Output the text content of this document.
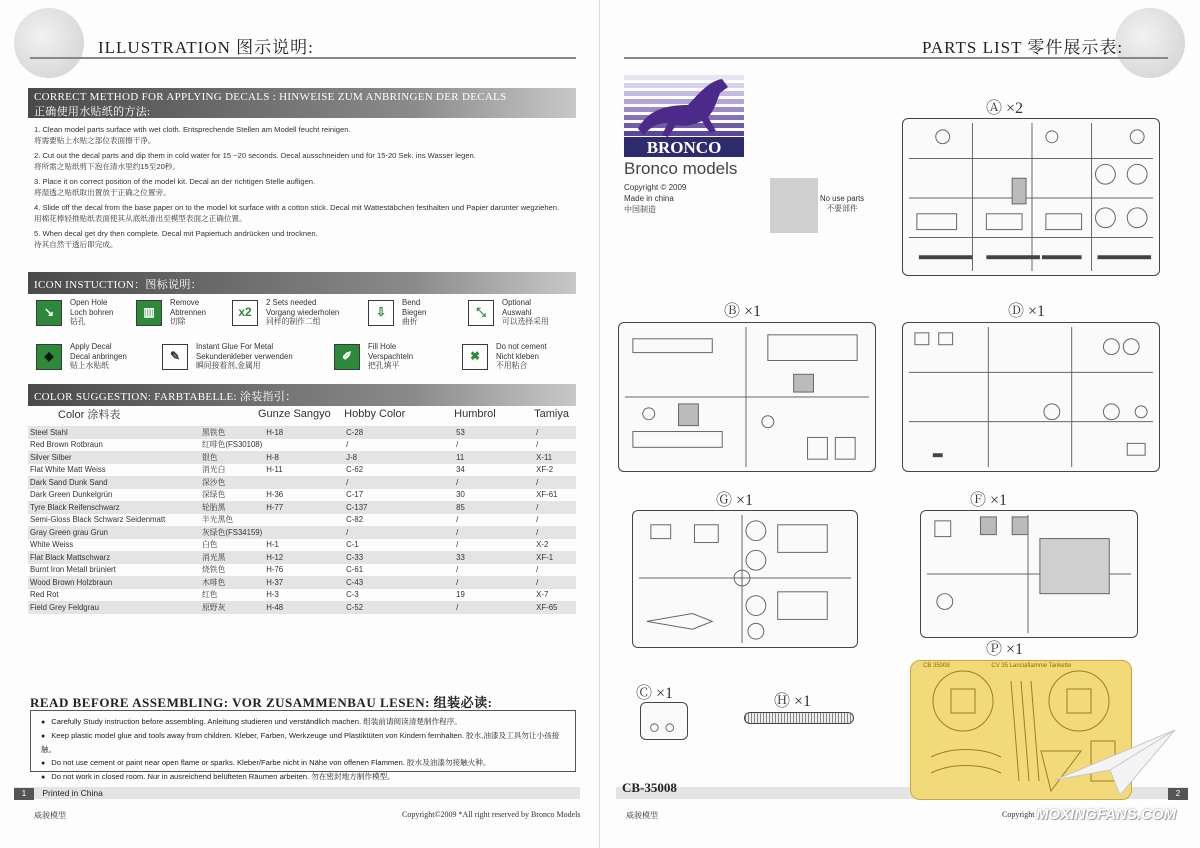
ILLUSTRATION 图示说明:
CORRECT METHOD FOR APPLYING DECALS : HINWEISE ZUM ANBRINGEN DER DECALS
正确使用水贴纸的方法:
1. Clean model parts surface with wet cloth. Entsprechende Stellen am Modell feucht reinigen.
将需要贴上水贴之部位表面擦干净。
2. Cut out the decal parts and dip them in cold water for 15 ~20 seconds. Decal ausschneiden und für 15-20 Sek. ins Wasser legen.
将所需之贴纸剪下泡在清水里约15至20秒。
3. Place it on correct position of the model kit. Decal an der richtigen Stelle aufligen.
将湿透之贴纸取出置放于正确之位置旁。
4. Slide off the decal from the base paper on to the model kit surface with a cotton stick. Decal mit Wattestäbchen festhalten und Papier darunter wegziehen.
用棉花棒轻推贴纸表面使其从底纸滑出至模型表面之正确位置。
5. When decal get dry then complete. Decal mit Papiertuch andrücken und trocknen.
待其自然干透后即完成。
ICON INSTUCTION：图标说明：
↘
Open Hole
Loch bohren
钻孔
▥
Remove
Abtrennen
切除
x2
2 Sets needed
Vorgang wiederholen
同样的制作二组
⇩
Bend
Biegen
曲折
⤡
Optional
Auswahl
可以选择采用
◆
Apply Decal
Decal anbringen
贴上水贴纸
✎
Instant Glue For Metal
Sekundenkleber verwenden
瞬间接着剂,金属用
✐
Fill Hole
Verspachteln
把孔填平
✖
Do not cement
Nicht kleben
不用粘合
COLOR SUGGESTION: FARBTABELLE: 涂装指引：
Color 涂料表	Gunze Sangyo		Hobby Color	Humbrol	Tamiya
Steel Stahl	黑铁色	H-18	C-28	53	/
Red Brown Rotbraun	红啡色(FS30108)		/	/	/
Silver Silber	银色	H-8	J-8	11	X-11
Flat White Matt Weiss	消光白	H-11	C-62	34	XF-2
Dark Sand Dunk Sand	深沙色		/	/	/
Dark Green Dunkelgrün	深绿色	H-36	C-17	30	XF-61
Tyre Black Reifenschwarz	轮胎黑	H-77	C-137	85	/
Semi-Gloss Black Schwarz Seidenmatt	半光黑色		C-82	/	/
Gray Green grau Grun	灰绿色(FS34159)		/	/	/
White Weiss	白色	H-1	C-1	/	X-2
Flat Black Mattschwarz	消光黑	H-12	C-33	33	XF-1
Burnt Iron Metall brüniert	烧铁色	H-76	C-61	/	/
Wood Brown Holzbraun	木啡色	H-37	C-43	/	/
Red Rot	红色	H-3	C-3	19	X-7
Field Grey Feldgrau	原野灰	H-48	C-52	/	XF-65
READ BEFORE ASSEMBLING: VOR ZUSAMMENBAU LESEN: 组装必读:
● Carefully Study instruction before assembling. Anleitung studieren und verständlich machen. 组装前请阅读清楚制作程序。
● Keep plastic model glue and tools away from children. Kleber, Farben, Werkzeuge und Plastiktüten von Kindern fernhalten. 胶水,油漆及工具勿让小孩接触。
● Do not use cement or paint near open flame or sparks. Kleber/Farbe nicht in Nähe von offenen Flammen. 胶水及油漆勿接触火种。
● Do not work in closed room. Nur in ausreichend belüfteten Räumen arbeiten. 勿在密封地方制作模型。
1 Printed in China
威骏模型	Copyright©2009 *All right reserved by Bronco Models
PARTS LIST 零件展示表:
2
威骏模型	Copyright
BRONCO
Bronco models
Copyright © 2009
Made in china
中国制造
No use parts
不要部件
Ⓐ ×2
Ⓑ ×1	Ⓓ ×1
Ⓖ ×1	Ⓕ ×1
Ⓟ ×1
Ⓒ ×1	Ⓗ ×1
CB 35008	CV 35 Lanciafiamme Tankette
CB-35008
MOXINGFANS.COM
